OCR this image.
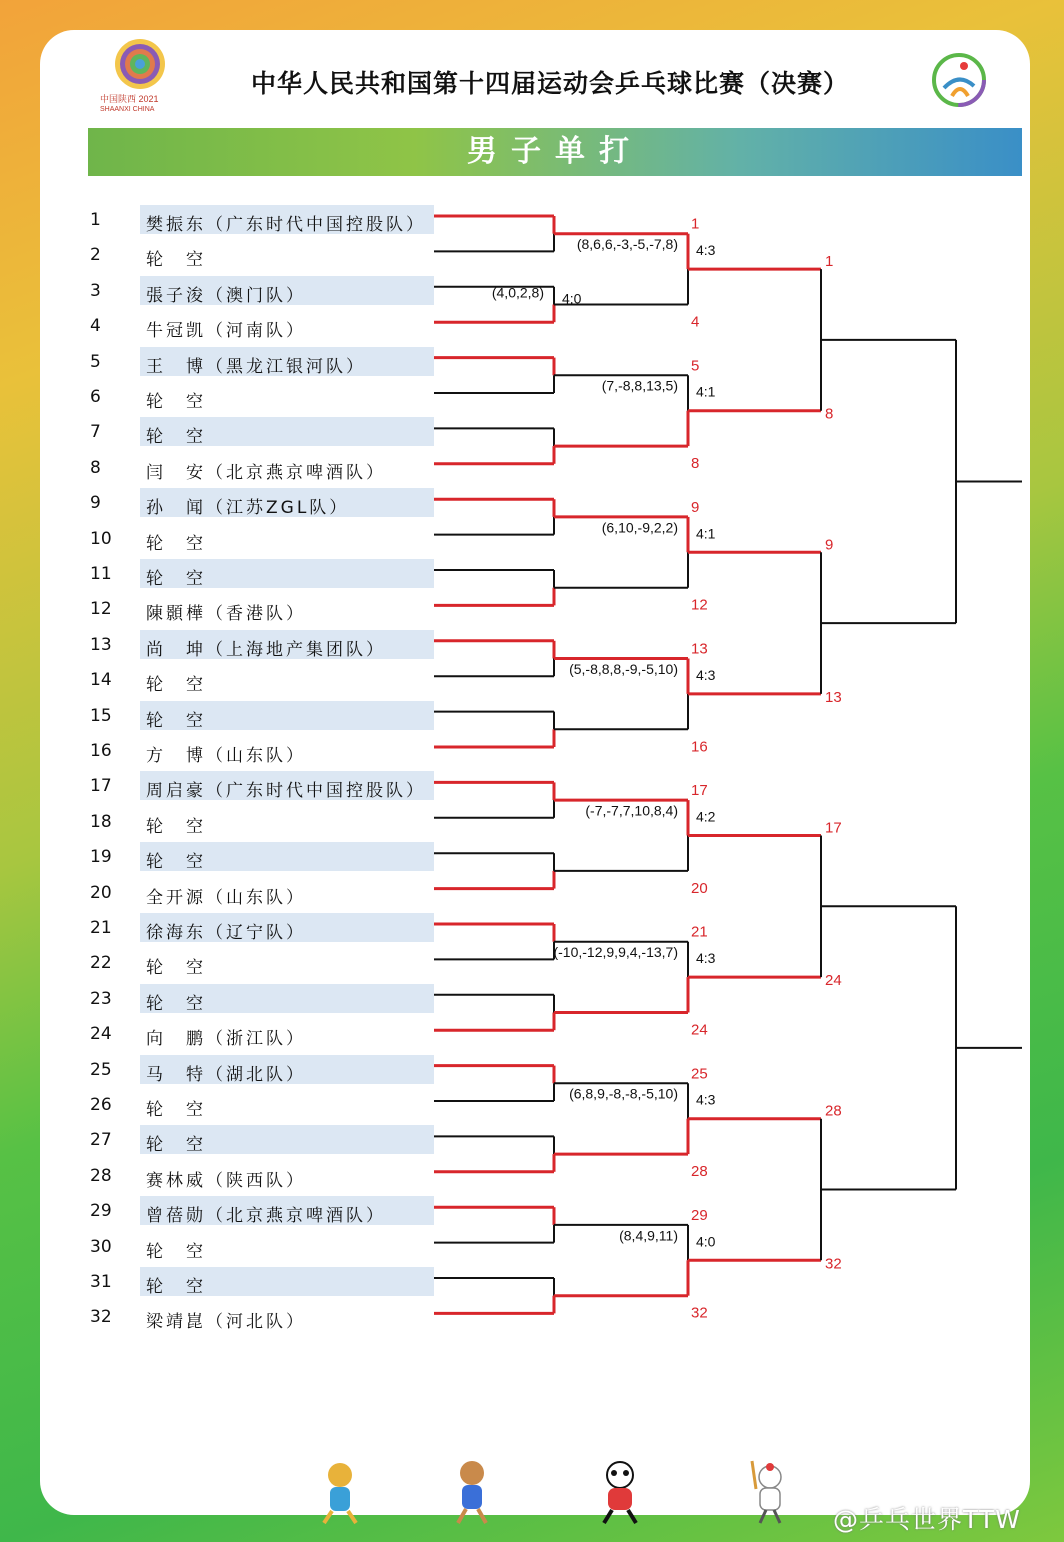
中国陕西 2021
SHAANXI CHINA
中华人民共和国第十四届运动会乒乓球比赛（决赛）
男子单打
1	樊振东（广东时代中国控股队）
2	轮　空
3	張子浚（澳门队）
4	牛冠凯（河南队）
5	王　博（黑龙江银河队）
6	轮　空
7	轮　空
8	闫　安（北京燕京啤酒队）
9	孙　闻（江苏ZGL队）
10	轮　空
11	轮　空
12	陳顥樺（香港队）
13	尚　坤（上海地产集团队）
14	轮　空
15	轮　空
16	方　博（山东队）
17	周启豪（广东时代中国控股队）
18	轮　空
19	轮　空
20	全开源（山东队）
21	徐海东（辽宁队）
22	轮　空
23	轮　空
24	向　鹏（浙江队）
25	马　特（湖北队）
26	轮　空
27	轮　空
28	赛林威（陕西队）
29	曾蓓勋（北京燕京啤酒队）
30	轮　空
31	轮　空
32	梁靖崑（河北队）
1
4
(8,6,6,-3,-5,-7,8) 4:3
5
8
(7,-8,8,13,5) 4:1
9
12
(6,10,-9,2,2) 4:1
13
16
(5,-8,8,8,-9,-5,10) 4:3
17
20
(-7,-7,7,10,8,4) 4:2
21
24
(-10,-12,9,9,4,-13,7) 4:3
25
28
(6,8,9,-8,-8,-5,10) 4:3
29
32
(8,4,9,11) 4:0
(4,0,2,8) 4:0
1
8
9
13
17
24
28
32
@乒乓世界TTW
